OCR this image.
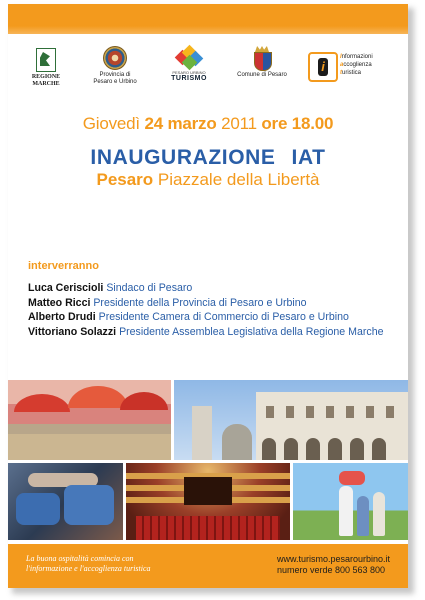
REGIONE
MARCHE
Provincia di
Pesaro e Urbino
PESARO URBINO
TURISMO	Comune di Pesaro
i
Informazioni
accoglienza
turistica
Giovedì 24 marzo 2011 ore 18.00
INAUGURAZIONE IAT
Pesaro Piazzale della Libertà
interverranno
Luca Ceriscioli Sindaco di Pesaro
Matteo Ricci Presidente della Provincia di Pesaro e Urbino
Alberto Drudi Presidente Camera di Commercio di Pesaro e Urbino
Vittoriano Solazzi Presidente Assemblea Legislativa della Regione Marche
La buona ospitalità comincia con
l'informazione e l'accoglienza turistica
www.turismo.pesarourbino.it
numero verde 800 563 800
